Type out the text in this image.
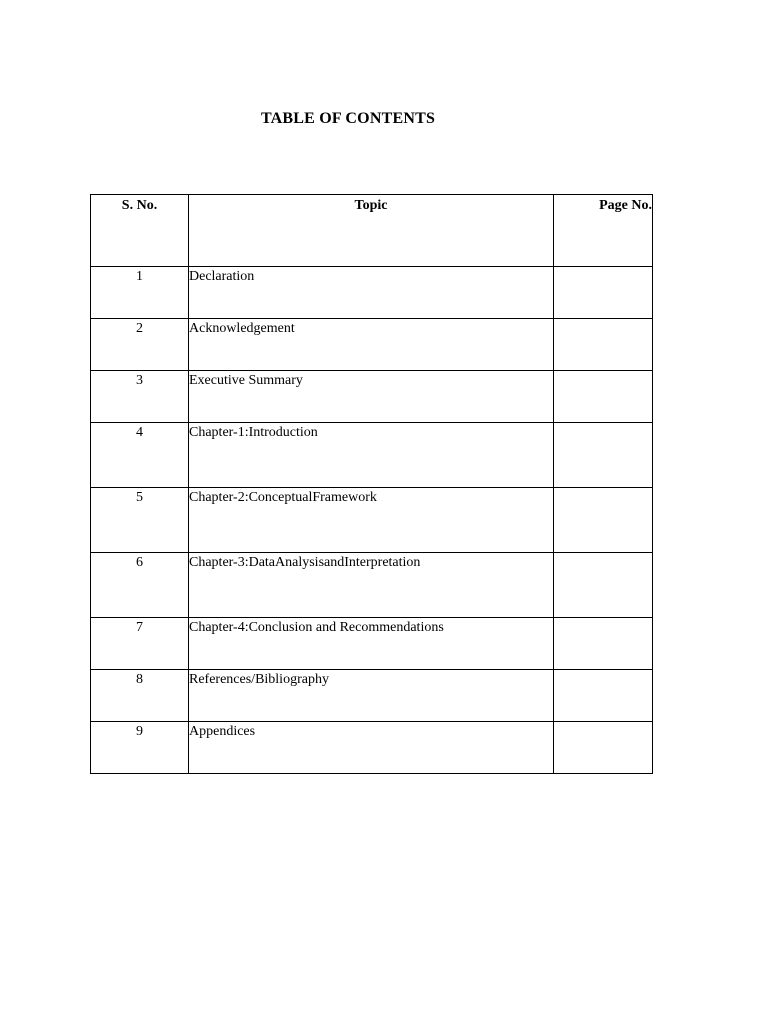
TABLE OF CONTENTS
S. No.	Topic	Page No.
1	Declaration	
2	Acknowledgement	
3	Executive Summary	
4	Chapter-1:Introduction	
5	Chapter-2:ConceptualFramework	
6	Chapter-3:DataAnalysisandInterpretation	
7	Chapter-4:Conclusion and Recommendations	
8	References/Bibliography	
9	Appendices	
